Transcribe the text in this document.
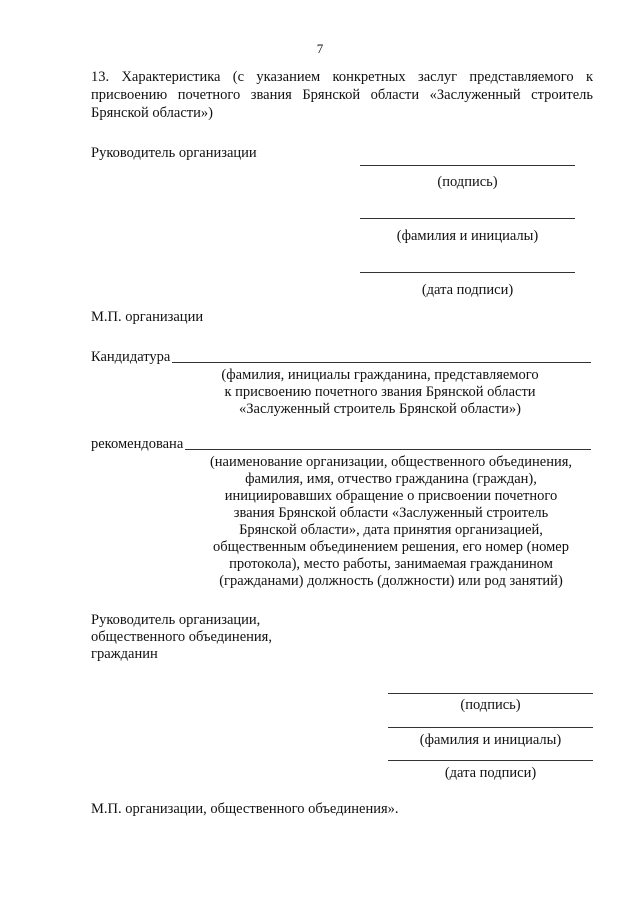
7
13. Характеристика (с указанием конкретных заслуг представляемого к присвоению почетного звания Брянской области «Заслуженный строитель Брянской области»)
Руководитель организации
(подпись)
(фамилия и инициалы)
(дата подписи)
М.П. организации
Кандидатура
(фамилия, инициалы гражданина, представляемого
к присвоению почетного звания Брянской области
«Заслуженный строитель Брянской области»)
рекомендована
(наименование организации, общественного объединения,
фамилия, имя, отчество гражданина (граждан),
инициировавших обращение о присвоении почетного
звания Брянской области «Заслуженный строитель
Брянской области», дата принятия организацией,
общественным объединением решения, его номер (номер
протокола), место работы, занимаемая гражданином
(гражданами) должность (должности) или род занятий)
Руководитель организации,
общественного объединения,
гражданин
(подпись)
(фамилия и инициалы)
(дата подписи)
М.П. организации, общественного объединения».
